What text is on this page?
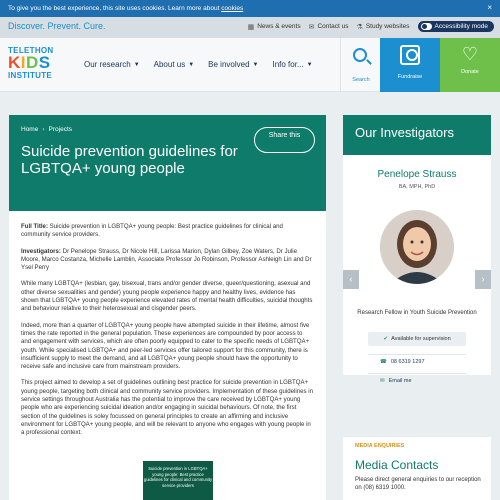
To give you the best experience, this site uses cookies. Learn more about cookies	×
Discover. Prevent. Cure.	▦ News & events ✉ Contact us ⚗ Study websites	Accessibility mode
TELETHON
KIDS
INSTITUTE
Our research ▼ About us ▼ Be involved ▼ Info for... ▼
Search	Fundraise
♡
Donate
Home › Projects
Suicide prevention guidelines for LGBTQA+ young people
Share this

Full Title: Suicide prevention in LGBTQA+ young people: Best practice guidelines for clinical and community service providers.

Investigators: Dr Penelope Strauss, Dr Nicole Hill, Larissa Marion, Dylan Gilbey, Zoe Waters, Dr Julie Moore, Marco Costanza, Michelle Lamblin, Associate Professor Jo Robinson, Professor Ashleigh Lin and Dr Ysel Perry

While many LGBTQA+ (lesbian, gay, bisexual, trans and/or gender diverse, queer/questioning, asexual and other diverse sexualities and gender) young people experience happy and healthy lives, evidence has shown that LGBTQA+ young people experience elevated rates of mental health difficulties, suicidal thoughts and behaviour relative to their heterosexual and cisgender peers.

Indeed, more than a quarter of LGBTQA+ young people have attempted suicide in their lifetime, almost five times the rate reported in the general population. These experiences are compounded by poor access to and engagement with services, which are often poorly equipped to cater to the specific needs of LGBTQA+ youth. While specialised LGBTQA+ and peer-led services offer tailored support for this community, there is insufficient supply to meet the demand, and all LGBTQA+ young people should have the opportunity to receive safe and inclusive care from mainstream providers.

This project aimed to develop a set of guidelines outlining best practice for suicide prevention in LGBTQA+ young people, targeting both clinical and community service providers. Implementation of these guidelines in service settings throughout Australia has the potential to improve the care received by LGBTQA+ young people who are experiencing suicidal ideation and/or engaging in suicidal behaviours. Of note, the first section of the guidelines is soley focussed on general principles to create an affirming and inclusive environment for LGBTQA+ young people, and will be relevant to anyone who engages with young people in a professional context.

Suicide prevention in LGBTQA+ young people: Best practice guidelines for clinical and community service providers
Our Investigators
Penelope Strauss
BA, MPH, PhD
‹	›
Research Fellow in Youth Suicide Prevention
✔ Available for supervision
☎ 08 6319 1297
✉ Email me
MEDIA ENQUIRIES
Media Contacts
Please direct general enquiries to our reception on (08) 6319 1000.
